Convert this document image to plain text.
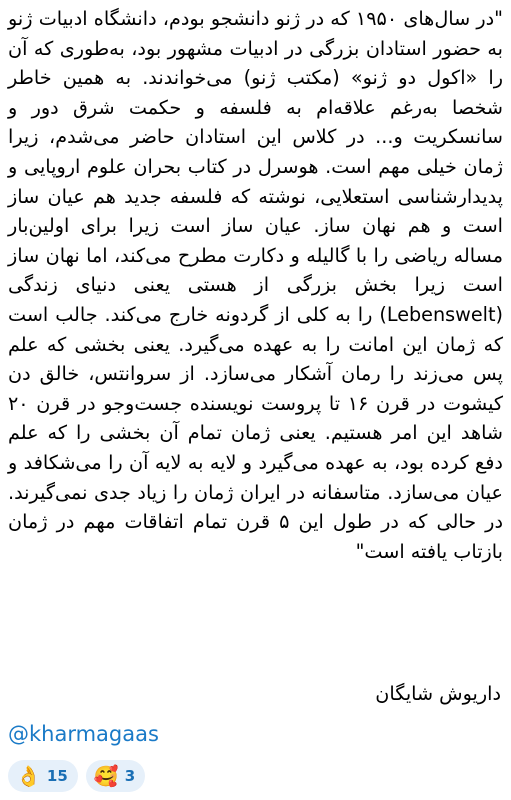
"در سال‌های ۱۹۵۰ که در ژنو دانشجو بودم، دانشگاه ادبیات ژنو به حضور استادان بزرگی در ادبیات مشهور بود، به‌طوری که آن را «اکول دو ژنو» (مکتب ژنو) می‌خواندند. به همین خاطر شخصا به‌رغم علاقه‌ام به فلسفه و حکمت شرق دور و سانسکریت و... در کلاس این استادان حاضر می‌شدم، زیرا ژمان خیلی مهم است. هوسرل در کتاب بحران علوم اروپایی و پدیدارشناسی استعلایی، نوشته که فلسفه جدید هم عیان ساز است و هم نهان ساز. عیان ساز است زیرا برای اولین‌بار مساله ریاضی را با گالیله و دکارت مطرح می‌کند، اما نهان ساز است زیرا بخش بزرگی از هستی یعنی دنیای زندگی (Lebenswelt) را به کلی از گردونه خارج می‌کند. جالب است که ژمان این امانت را به عهده می‌گیرد. یعنی بخشی که علم پس می‌زند را رمان آشکار می‌سازد. از سروانتس، خالق دن کیشوت در قرن ۱۶ تا پروست نویسنده جست‌وجو در قرن ۲۰ شاهد این امر هستیم. یعنی ژمان تمام آن بخشی را که علم دفع کرده بود، به عهده می‌گیرد و لایه به لایه آن را می‌شکافد و عیان می‌سازد. متاسفانه در ایران ژمان را زیاد جدی نمی‌گیرند. در حالی که در طول این ۵ قرن تمام اتفاقات مهم در ژمان بازتاب یافته است"
داریوش شایگان
@kharmagaas
👌 15 🥰 3
